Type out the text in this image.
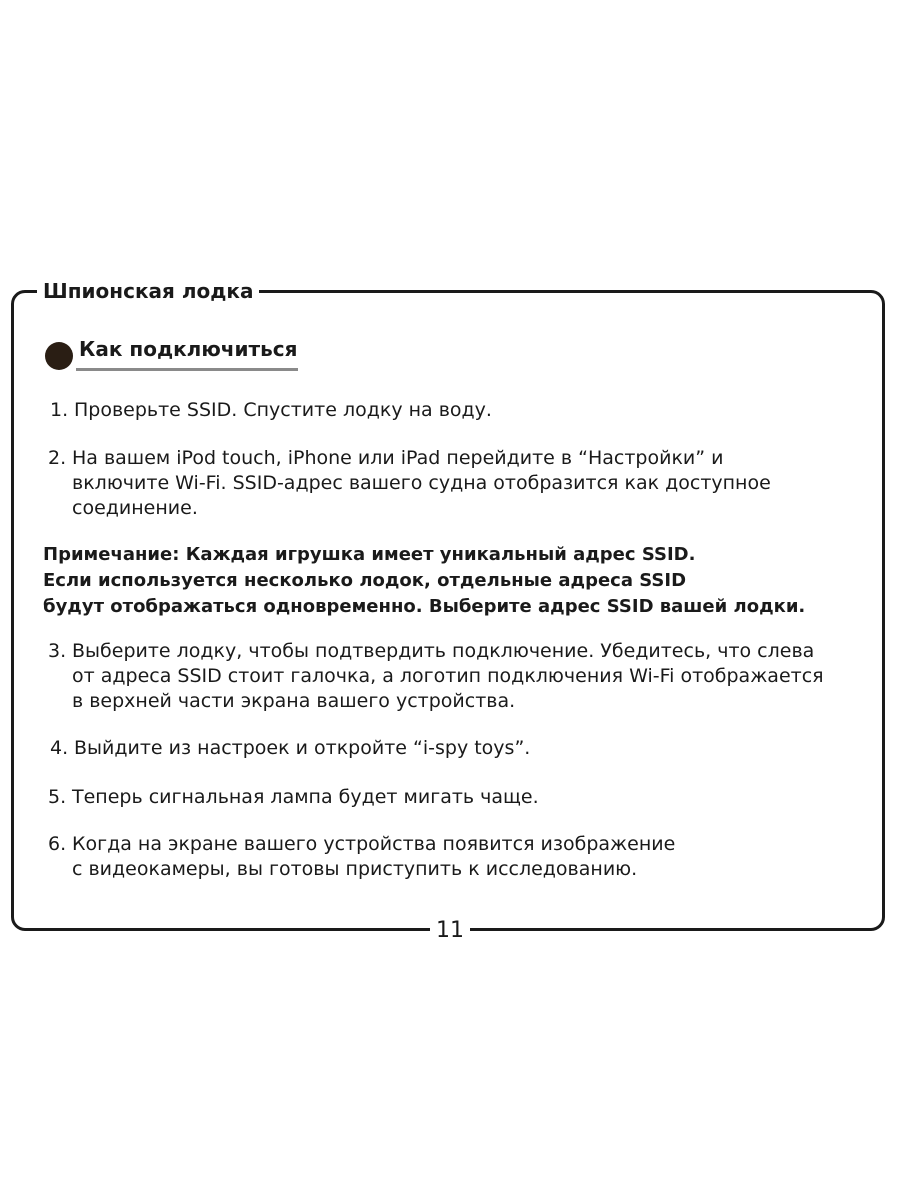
Шпионская лодка
Как подключиться
1. Проверьте SSID. Спустите лодку на воду.
2. На вашем iPod touch, iPhone или iPad перейдите в “Настройки” и
включите Wi-Fi. SSID-адрес вашего судна отобразится как доступное
соединение.
Примечание: Каждая игрушка имеет уникальный адрес SSID.
Если используется несколько лодок, отдельные адреса SSID
будут отображаться одновременно. Выберите адрес SSID вашей лодки.
3. Выберите лодку, чтобы подтвердить подключение. Убедитесь, что слева
от адреса SSID стоит галочка, а логотип подключения Wi-Fi отображается
в верхней части экрана вашего устройства.
4. Выйдите из настроек и откройте “i-spy toys”.
5. Теперь сигнальная лампа будет мигать чаще.
6. Когда на экране вашего устройства появится изображение
с видеокамеры, вы готовы приступить к исследованию.
11
